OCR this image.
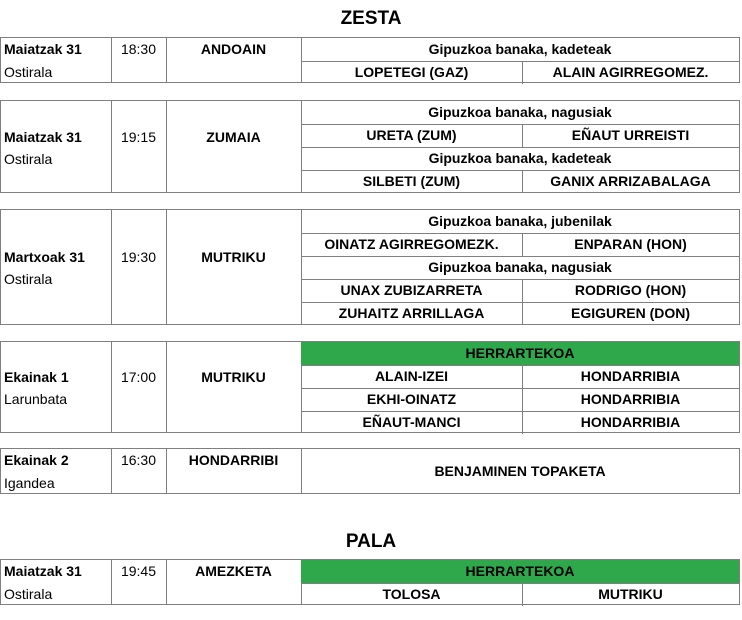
ZESTA
Maiatzak 31
Ostirala
18:30	ANDOAIN	Gipuzkoa banaka, kadeteak
LOPETEGI (GAZ)	ALAIN AGIRREGOMEZ.
Maiatzak 31
Ostirala
19:15	ZUMAIA
Gipuzkoa banaka, nagusiak
URETA (ZUM)	EÑAUT URREISTI
Gipuzkoa banaka, kadeteak
SILBETI (ZUM)	GANIX ARRIZABALAGA
Martxoak 31
Ostirala
19:30	MUTRIKU
Gipuzkoa banaka, jubenilak
OINATZ AGIRREGOMEZK.	ENPARAN (HON)
Gipuzkoa banaka, nagusiak
UNAX ZUBIZARRETA	RODRIGO (HON)
ZUHAITZ ARRILLAGA	EGIGUREN (DON)
Ekainak 1
Larunbata
17:00	MUTRIKU
HERRARTEKOA
ALAIN-IZEI	HONDARRIBIA
EKHI-OINATZ	HONDARRIBIA
EÑAUT-MANCI	HONDARRIBIA
Ekainak 2
Igandea
16:30	HONDARRIBI
BENJAMINEN TOPAKETA
PALA
Maiatzak 31
Ostirala
19:45	AMEZKETA	HERRARTEKOA
TOLOSA	MUTRIKU
